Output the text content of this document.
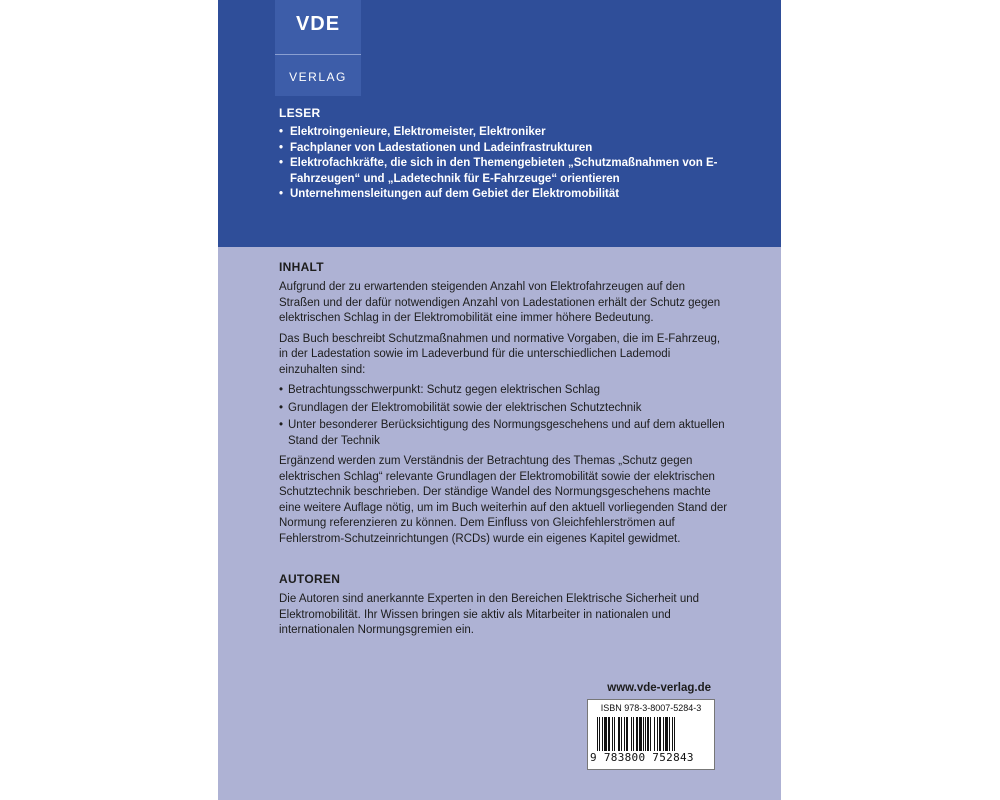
VDE
VERLAG
LESER
• Elektroingenieure, Elektromeister, Elektroniker
• Fachplaner von Ladestationen und Ladeinfrastrukturen
• Elektrofachkräfte, die sich in den Themengebieten „Schutzmaßnahmen von E-Fahrzeugen“ und „Ladetechnik für E-Fahrzeuge“ orientieren
• Unternehmensleitungen auf dem Gebiet der Elektromobilität
INHALT

Aufgrund der zu erwartenden steigenden Anzahl von Elektrofahrzeugen auf den Straßen und der dafür notwendigen Anzahl von Ladestationen erhält der Schutz gegen elektrischen Schlag in der Elektromobilität eine immer höhere Bedeutung.

Das Buch beschreibt Schutzmaßnahmen und normative Vorgaben, die im E-Fahrzeug, in der Ladestation sowie im Ladeverbund für die unterschiedlichen Lademodi einzuhalten sind:

• Betrachtungsschwerpunkt: Schutz gegen elektrischen Schlag
• Grundlagen der Elektromobilität sowie der elektrischen Schutztechnik
• Unter besonderer Berücksichtigung des Normungsgeschehens und auf dem aktuellen Stand der Technik

Ergänzend werden zum Verständnis der Betrachtung des Themas „Schutz gegen elektrischen Schlag“ relevante Grundlagen der Elektromobilität sowie der elektrischen Schutztechnik beschrieben. Der ständige Wandel des Normungsgeschehens machte eine weitere Auflage nötig, um im Buch weiterhin auf den aktuell vorliegenden Stand der Normung referenzieren zu können. Dem Einfluss von Gleichfehlerströmen auf Fehlerstrom-Schutzeinrichtungen (RCDs) wurde ein eigenes Kapitel gewidmet.

AUTOREN

Die Autoren sind anerkannte Experten in den Bereichen Elektrische Sicherheit und Elektromobilität. Ihr Wissen bringen sie aktiv als Mitarbeiter in nationalen und internationalen Normungsgremien ein.

www.vde-verlag.de
ISBN 978-3-8007-5284-3
9 783800 752843
